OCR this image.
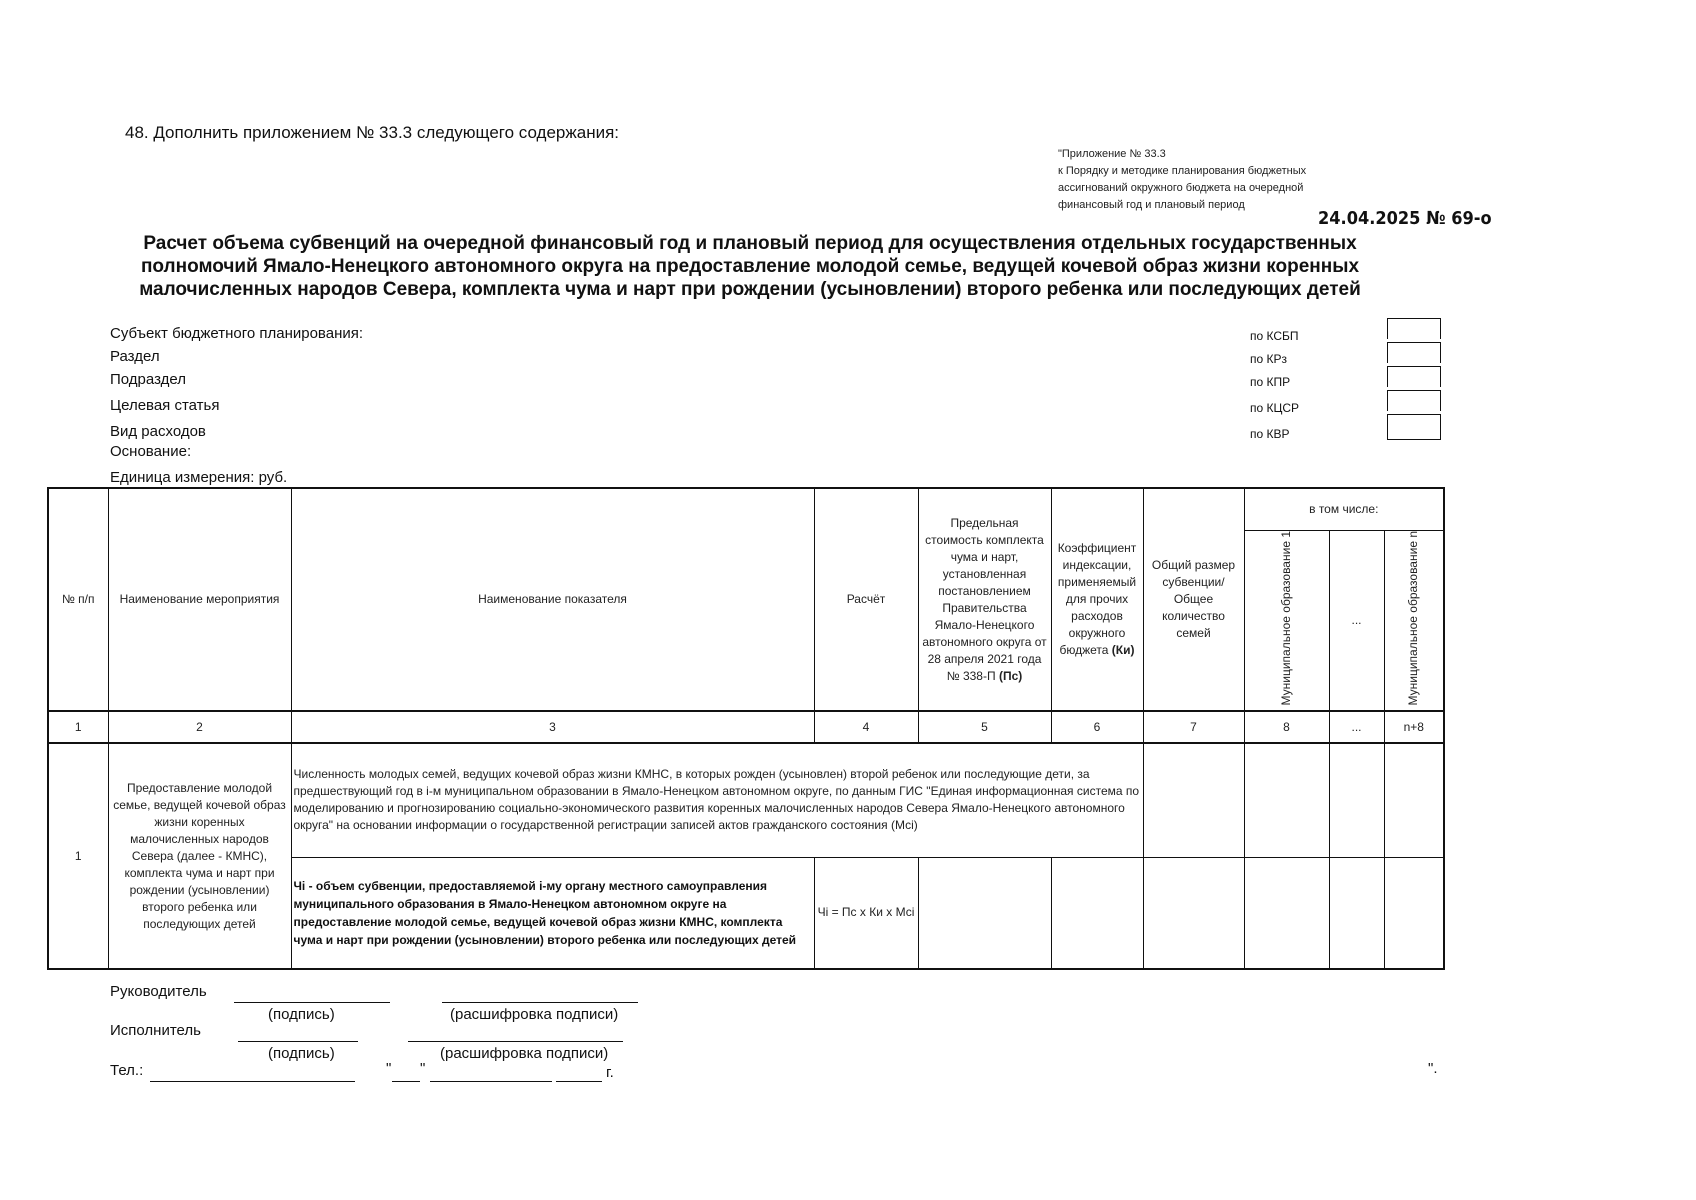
48. Дополнить приложением № 33.3 следующего содержания:
"Приложение № 33.3
к Порядку и методике планирования бюджетных
ассигнований окружного бюджета на очередной
финансовый год и плановый период
24.04.2025 № 69-о
Расчет объема субвенций на очередной финансовый год и плановый период для осуществления отдельных государственных
полномочий Ямало-Ненецкого автономного округа на предоставление молодой семье, ведущей кочевой образ жизни коренных
малочисленных народов Севера, комплекта чума и нарт при рождении (усыновлении) второго ребенка или последующих детей
Субъект бюджетного планирования:
Раздел
Подраздел
Целевая статья
Вид расходов
Основание:
Единица измерения: руб.
по КСБП
по КРз
по КПР
по КЦСР
по КВР
№ п/п	Наименование мероприятия	Наименование показателя	Расчёт	Предельная стоимость комплекта чума и нарт, установленная постановлением Правительства Ямало-Ненецкого автономного округа от 28 апреля 2021 года № 338-П (Пс)	Коэффициент индексации, применяемый для прочих расходов окружного бюджета (Ки)	Общий размер субвенции/ Общее количество семей	в том числе:		
							Муниципальное образование 1	...	Муниципальное образование n
1	2	3	4	5	6	7	8	...	n+8
1	Предоставление молодой семье, ведущей кочевой образ жизни коренных малочисленных народов Севера (далее - КМНС), комплекта чума и нарт при рождении (усыновлении) второго ребенка или последующих детей	Численность молодых семей, ведущих кочевой образ жизни КМНС, в которых рожден (усыновлен) второй ребенок или последующие дети, за предшествующий год в i-м муниципальном образовании в Ямало-Ненецком автономном округе, по данным ГИС "Единая информационная система по моделированию и прогнозированию социально-экономического развития коренных малочисленных народов Севера Ямало-Ненецкого автономного округа" на основании информации о государственной регистрации записей актов гражданского состояния (Мсi)							
		Чi - объем субвенции, предоставляемой i-му органу местного самоуправления муниципального образования в Ямало-Ненецком автономном округе на предоставление молодой семье, ведущей кочевой образ жизни КМНС, комплекта чума и нарт при рождении (усыновлении) второго ребенка или последующих детей	Чi = Пс x Ки x Мсi						
Руководитель
(подпись)	(расшифровка подписи)
Исполнитель
(подпись)	(расшифровка подписи)
Тел.:	" "	г.	".
